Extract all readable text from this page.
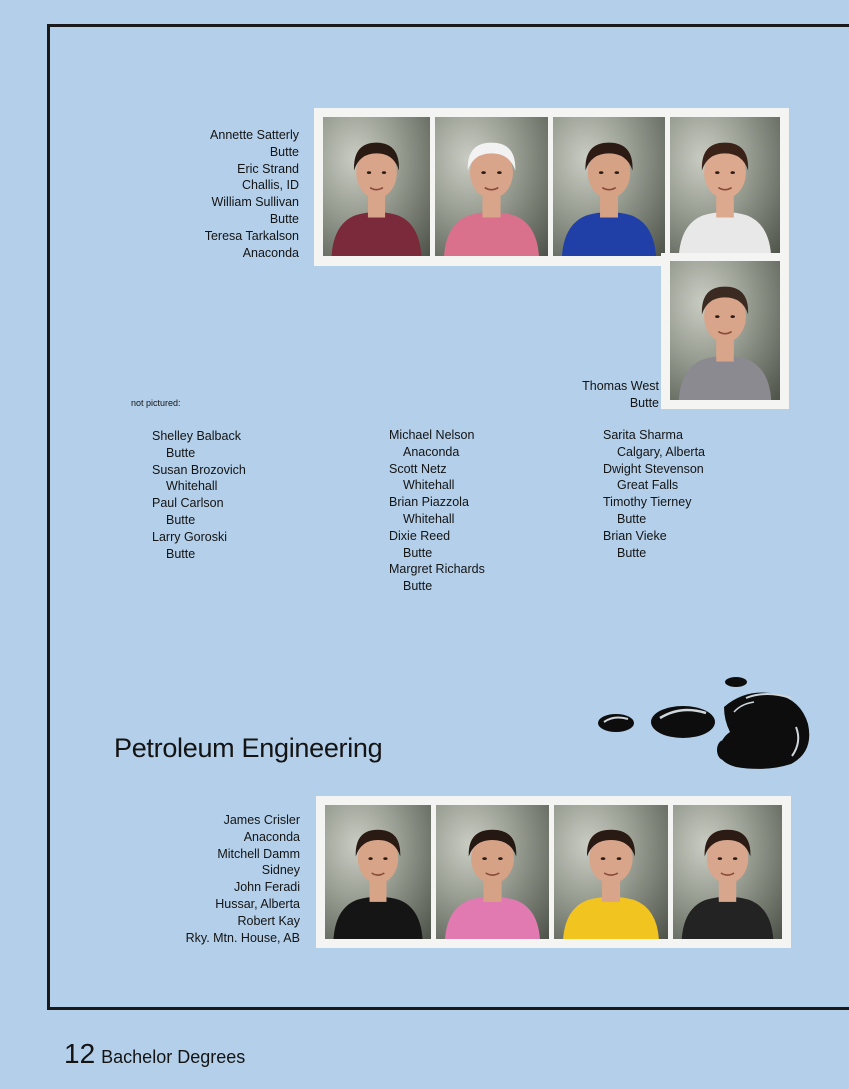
Annette Satterly
Butte
Eric Strand
Challis, ID
William Sullivan
Butte
Teresa Tarkalson
Anaconda
Thomas West
Butte
not pictured:
Shelley Balback
Butte
Susan Brozovich
Whitehall
Paul Carlson
Butte
Larry Goroski
Butte
Michael Nelson
Anaconda
Scott Netz
Whitehall
Brian Piazzola
Whitehall
Dixie Reed
Butte
Margret Richards
Butte
Sarita Sharma
Calgary, Alberta
Dwight Stevenson
Great Falls
Timothy Tierney
Butte
Brian Vieke
Butte
Petroleum Engineering
James Crisler
Anaconda
Mitchell Damm
Sidney
John Feradi
Hussar, Alberta
Robert Kay
Rky. Mtn. House, AB
12 Bachelor Degrees
